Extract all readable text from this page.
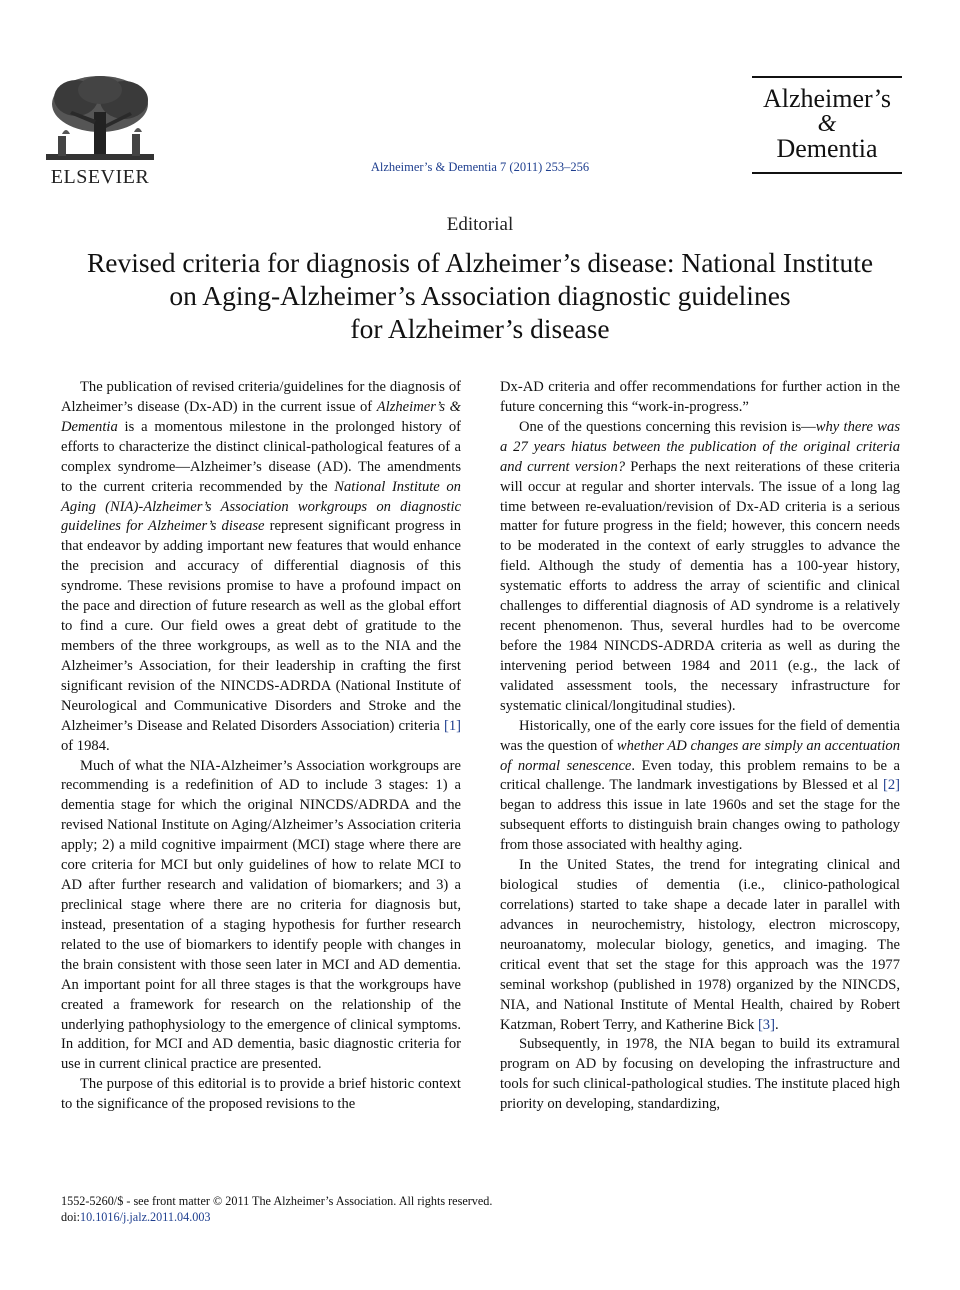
ELSEVIER	Alzheimer’s & Dementia 7 (2011) 253–256
Alzheimer’s
&
Dementia
Editorial
Revised criteria for diagnosis of Alzheimer’s disease: National Institute
on Aging-Alzheimer’s Association diagnostic guidelines
for Alzheimer’s disease

The publication of revised criteria/guidelines for the diagnosis of Alzheimer’s disease (Dx-AD) in the current issue of Alzheimer’s & Dementia is a momentous milestone in the prolonged history of efforts to characterize the distinct clinical-pathological features of a complex syndrome—Alzheimer’s disease (AD). The amendments to the current criteria recommended by the National Institute on Aging (NIA)-Alzheimer’s Association workgroups on diagnostic guidelines for Alzheimer’s disease represent significant progress in that endeavor by adding important new features that would enhance the precision and accuracy of differential diagnosis of this syndrome. These revisions promise to have a profound impact on the pace and direction of future research as well as the global effort to find a cure. Our field owes a great debt of gratitude to the members of the three workgroups, as well as to the NIA and the Alzheimer’s Association, for their leadership in crafting the first significant revision of the NINCDS-ADRDA (National Institute of Neurological and Communicative Disorders and Stroke and the Alzheimer’s Disease and Related Disorders Association) criteria [1] of 1984.

Much of what the NIA-Alzheimer’s Association workgroups are recommending is a redefinition of AD to include 3 stages: 1) a dementia stage for which the original NINCDS/ADRDA and the revised National Institute on Aging/Alzheimer’s Association criteria apply; 2) a mild cognitive impairment (MCI) stage where there are core criteria for MCI but only guidelines of how to relate MCI to AD after further research and validation of biomarkers; and 3) a preclinical stage where there are no criteria for diagnosis but, instead, presentation of a staging hypothesis for further research related to the use of biomarkers to identify people with changes in the brain consistent with those seen later in MCI and AD dementia. An important point for all three stages is that the workgroups have created a framework for research on the relationship of the underlying pathophysiology to the emergence of clinical symptoms. In addition, for MCI and AD dementia, basic diagnostic criteria for use in current clinical practice are presented.

The purpose of this editorial is to provide a brief historic context to the significance of the proposed revisions to the

Dx-AD criteria and offer recommendations for further action in the future concerning this “work-in-progress.”

One of the questions concerning this revision is—why there was a 27 years hiatus between the publication of the original criteria and current version? Perhaps the next reiterations of these criteria will occur at regular and shorter intervals. The issue of a long lag time between re-evaluation/revision of Dx-AD criteria is a serious matter for future progress in the field; however, this concern needs to be moderated in the context of early struggles to advance the field. Although the study of dementia has a 100-year history, systematic efforts to address the array of scientific and clinical challenges to differential diagnosis of AD syndrome is a relatively recent phenomenon. Thus, several hurdles had to be overcome before the 1984 NINCDS-ADRDA criteria as well as during the intervening period between 1984 and 2011 (e.g., the lack of validated assessment tools, the necessary infrastructure for systematic clinical/longitudinal studies).

Historically, one of the early core issues for the field of dementia was the question of whether AD changes are simply an accentuation of normal senescence. Even today, this problem remains to be a critical challenge. The landmark investigations by Blessed et al [2] began to address this issue in late 1960s and set the stage for the subsequent efforts to distinguish brain changes owing to pathology from those associated with healthy aging.

In the United States, the trend for integrating clinical and biological studies of dementia (i.e., clinico-pathological correlations) started to take shape a decade later in parallel with advances in neurochemistry, histology, electron microscopy, neuroanatomy, molecular biology, genetics, and imaging. The critical event that set the stage for this approach was the 1977 seminal workshop (published in 1978) organized by the NINCDS, NIA, and National Institute of Mental Health, chaired by Robert Katzman, Robert Terry, and Katherine Bick [3].

Subsequently, in 1978, the NIA began to build its extramural program on AD by focusing on developing the infrastructure and tools for such clinical-pathological studies. The institute placed high priority on developing, standardizing,

1552-5260/$ - see front matter © 2011 The Alzheimer’s Association. All rights reserved.
doi:10.1016/j.jalz.2011.04.003
